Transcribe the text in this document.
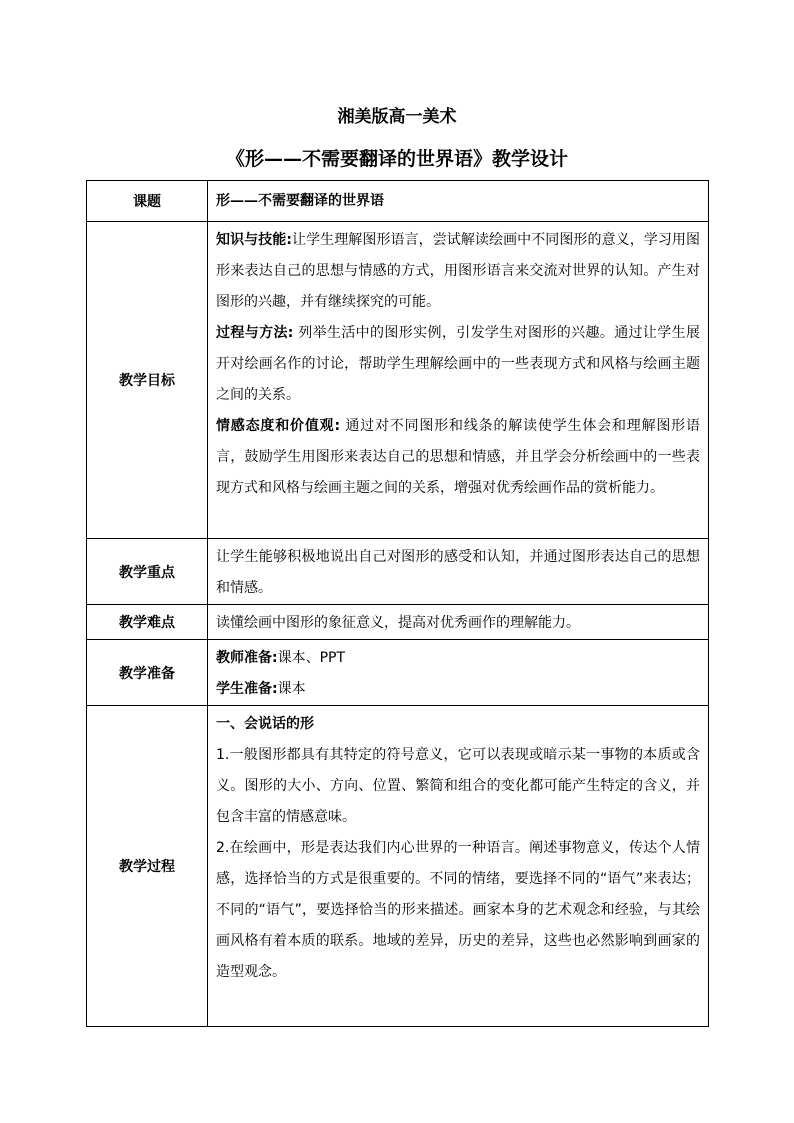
湘美版高一美术
《形——不需要翻译的世界语》教学设计
课题	形——不需要翻译的世界语
教学目标	知识与技能:让学生理解图形语言，尝试解读绘画中不同图形的意义，学习用图形来表达自己的思想与情感的方式，用图形语言来交流对世界的认知。产生对图形的兴趣，并有继续探究的可能。

过程与方法: 列举生活中的图形实例，引发学生对图形的兴趣。通过让学生展开对绘画名作的讨论，帮助学生理解绘画中的一些表现方式和风格与绘画主题之间的关系。

情感态度和价值观: 通过对不同图形和线条的解读使学生体会和理解图形语言，鼓励学生用图形来表达自己的思想和情感，并且学会分析绘画中的一些表现方式和风格与绘画主题之间的关系，增强对优秀绘画作品的赏析能力。

教学重点	让学生能够积极地说出自己对图形的感受和认知，并通过图形表达自己的思想和情感。

教学难点	读懂绘画中图形的象征意义，提高对优秀画作的理解能力。

教学准备	教师准备:课本、PPT

学生准备:课本

教学过程	一、会说话的形

1.一般图形都具有其特定的符号意义，它可以表现或暗示某一事物的本质或含义。图形的大小、方向、位置、繁简和组合的变化都可能产生特定的含义，并包含丰富的情感意味。

2.在绘画中，形是表达我们内心世界的一种语言。阐述事物意义，传达个人情感，选择恰当的方式是很重要的。不同的情绪，要选择不同的“语气”来表达；不同的“语气”，要选择恰当的形来描述。画家本身的艺术观念和经验，与其绘画风格有着本质的联系。地域的差异，历史的差异，这些也必然影响到画家的造型观念。
